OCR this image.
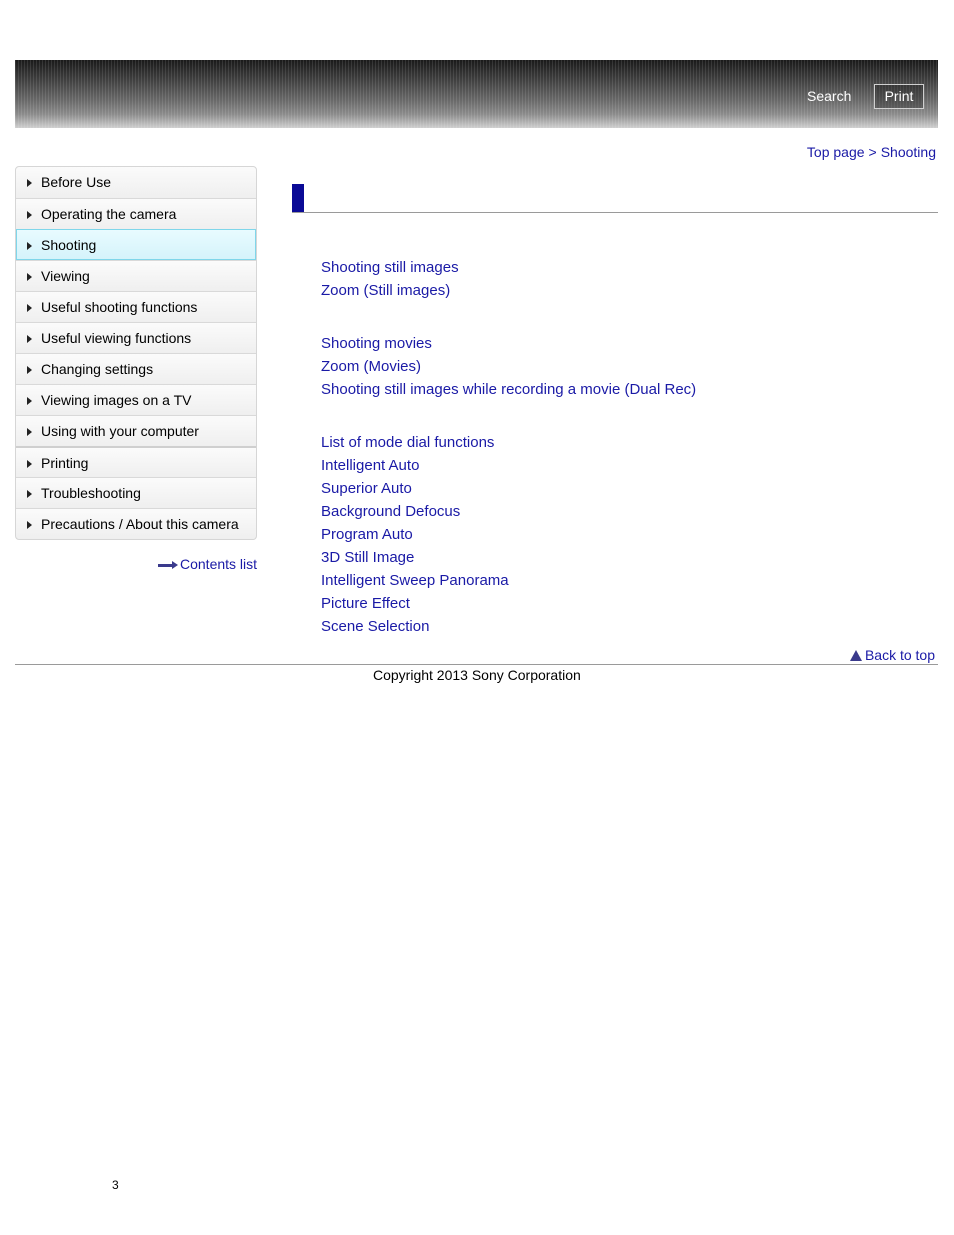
Search	Print
Top page > Shooting
Before Use
Operating the camera
Shooting
Viewing
Useful shooting functions
Useful viewing functions
Changing settings
Viewing images on a TV
Using with your computer
Printing
Troubleshooting
Precautions / About this camera
Contents list
Shooting still images
Zoom (Still images)
Shooting movies
Zoom (Movies)
Shooting still images while recording a movie (Dual Rec)
List of mode dial functions
Intelligent Auto
Superior Auto
Background Defocus
Program Auto
3D Still Image
Intelligent Sweep Panorama
Picture Effect
Scene Selection
Back to top
Copyright 2013 Sony Corporation
3
